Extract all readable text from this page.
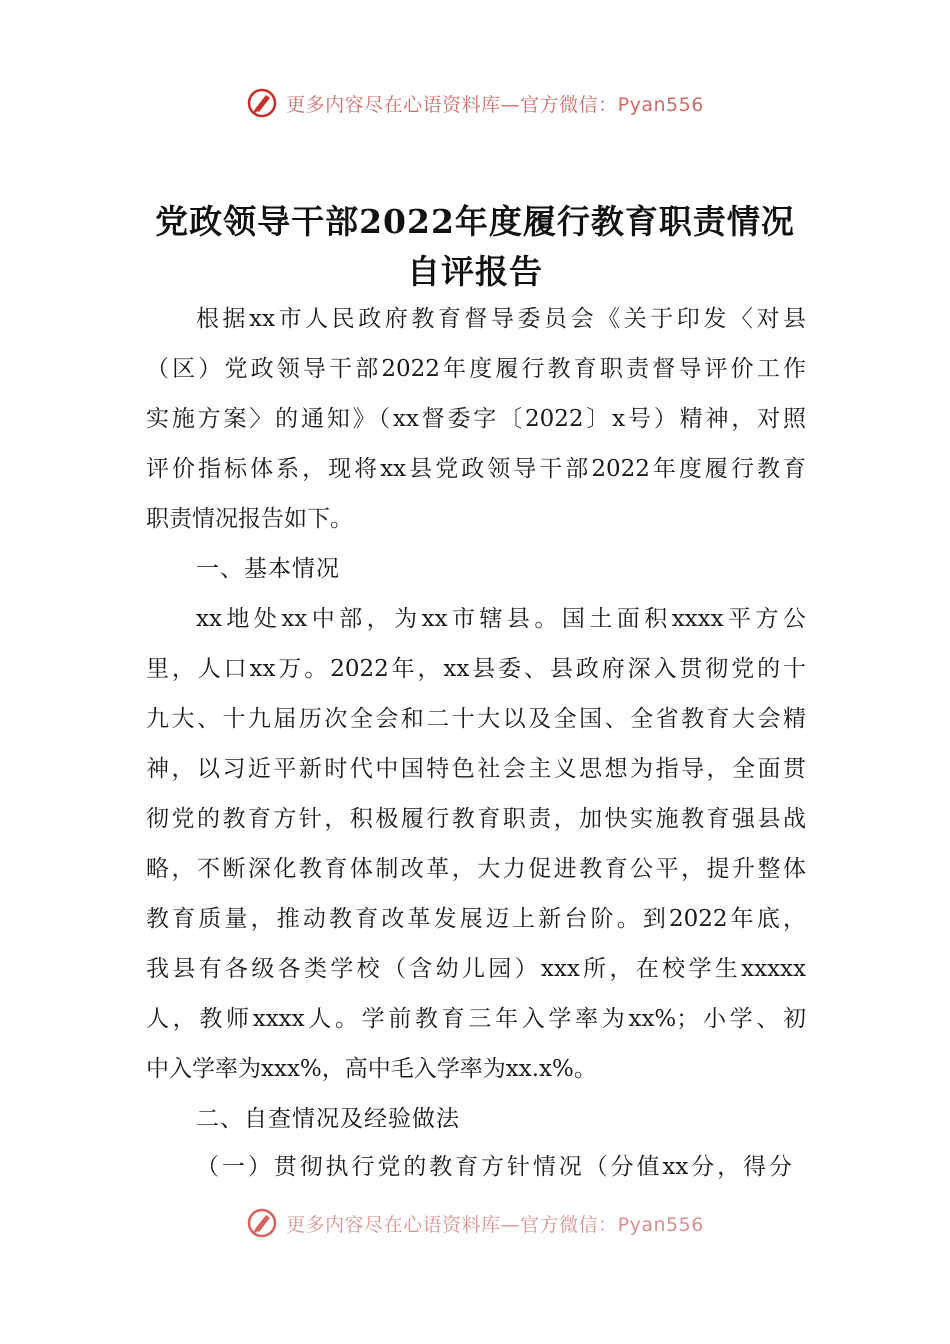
更多内容尽在心语资料库—官方微信：Pyan556
党政领导干部2022年度履行教育职责情况
自评报告
根据xx市人民政府教育督导委员会《关于印发〈对县
（区）党政领导干部2022年度履行教育职责督导评价工作
实施方案〉的通知》（xx督委字〔2022〕x号）精神，对照
评价指标体系，现将xx县党政领导干部2022年度履行教育
职责情况报告如下。
一、基本情况
xx地处xx中部，为xx市辖县。国土面积xxxx平方公
里，人口xx万。2022年，xx县委、县政府深入贯彻党的十
九大、十九届历次全会和二十大以及全国、全省教育大会精
神，以习近平新时代中国特色社会主义思想为指导，全面贯
彻党的教育方针，积极履行教育职责，加快实施教育强县战
略，不断深化教育体制改革，大力促进教育公平，提升整体
教育质量，推动教育改革发展迈上新台阶。到2022年底，
我县有各级各类学校（含幼儿园）xxx所，在校学生xxxxx
人，教师xxxx人。学前教育三年入学率为xx%；小学、初
中入学率为xxx%，高中毛入学率为xx.x%。
二、自查情况及经验做法
（一）贯彻执行党的教育方针情况（分值xx分，得分
更多内容尽在心语资料库—官方微信：Pyan556
